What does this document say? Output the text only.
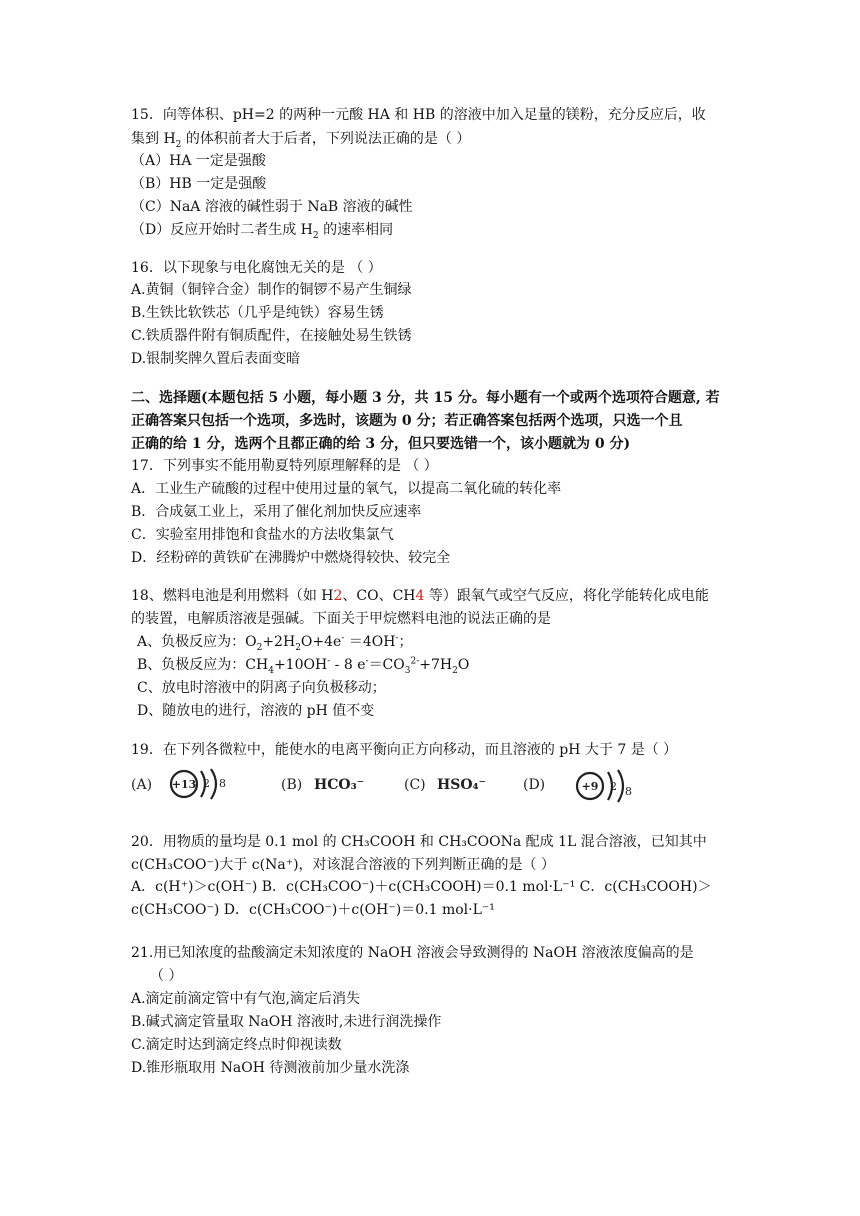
15．向等体积、pH=2 的两种一元酸 HA 和 HB 的溶液中加入足量的镁粉，充分反应后，收
集到 $H_2$ 的体积前者大于后者，下列说法正确的是（ ）
（A）HA 一定是强酸
（B）HB 一定是强酸
（C）NaA 溶液的碱性弱于 NaB 溶液的碱性
（D）反应开始时二者生成 $H_2$ 的速率相同
16．以下现象与电化腐蚀无关的是 （ ）
A.黄铜（铜锌合金）制作的铜锣不易产生铜绿
B.生铁比软铁芯（几乎是纯铁）容易生锈
C.铁质器件附有铜质配件，在接触处易生铁锈
D.银制奖牌久置后表面变暗
二、选择题(本题包括 5 小题，每小题 3 分，共 15 分。每小题有一个或两个选项符合题意, 若
正确答案只包括一个选项，多选时，该题为 0 分；若正确答案包括两个选项，只选一个且
正确的给 1 分，选两个且都正确的给 3 分，但只要选错一个，该小题就为 0 分)
17．下列事实不能用勒夏特列原理解释的是 （ ）
A．工业生产硫酸的过程中使用过量的氧气，以提高二氧化硫的转化率
B．合成氨工业上，采用了催化剂加快反应速率
C．实验室用排饱和食盐水的方法收集氯气
D．经粉碎的黄铁矿在沸腾炉中燃烧得较快、较完全
18、燃料电池是利用燃料（如 H2、CO、CH4 等）跟氧气或空气反应，将化学能转化成电能
的装置，电解质溶液是强碱。下面关于甲烷燃料电池的说法正确的是
A、负极反应为：$O_2+2H_2O+4e^- =4OH^-$；
B、负极反应为：$CH_4+10OH^- - 8$ $e^-=CO_3^{2-}+7H_2O$
C、放电时溶液中的阴离子向负极移动；
D、随放电的进行，溶液的 pH 值不变
19．在下列各微粒中，能使水的电离平衡向正方向移动，而且溶液的 pH 大于 7 是（ ）
(A) +13 2 8	(B) HCO₃⁻	(C) HSO₄⁻	(D)	+9 2 8
20．用物质的量均是 0.1 mol 的 CH₃COOH 和 CH₃COONa 配成 1L 混合溶液，已知其中
c(CH₃COO⁻)大于 c(Na⁺)，对该混合溶液的下列判断正确的是（ ）
A．c(H⁺)＞c(OH⁻) B．c(CH₃COO⁻)＋c(CH₃COOH)＝0.1 mol·L⁻¹ C．c(CH₃COOH)＞
c(CH₃COO⁻) D．c(CH₃COO⁻)＋c(OH⁻)＝0.1 mol·L⁻¹
21.用已知浓度的盐酸滴定未知浓度的 NaOH 溶液会导致测得的 NaOH 溶液浓度偏高的是
（ ）
A.滴定前滴定管中有气泡,滴定后消失
B.碱式滴定管量取 NaOH 溶液时,未进行润洗操作
C.滴定时达到滴定终点时仰视读数
D.锥形瓶取用 NaOH 待测液前加少量水洗涤
